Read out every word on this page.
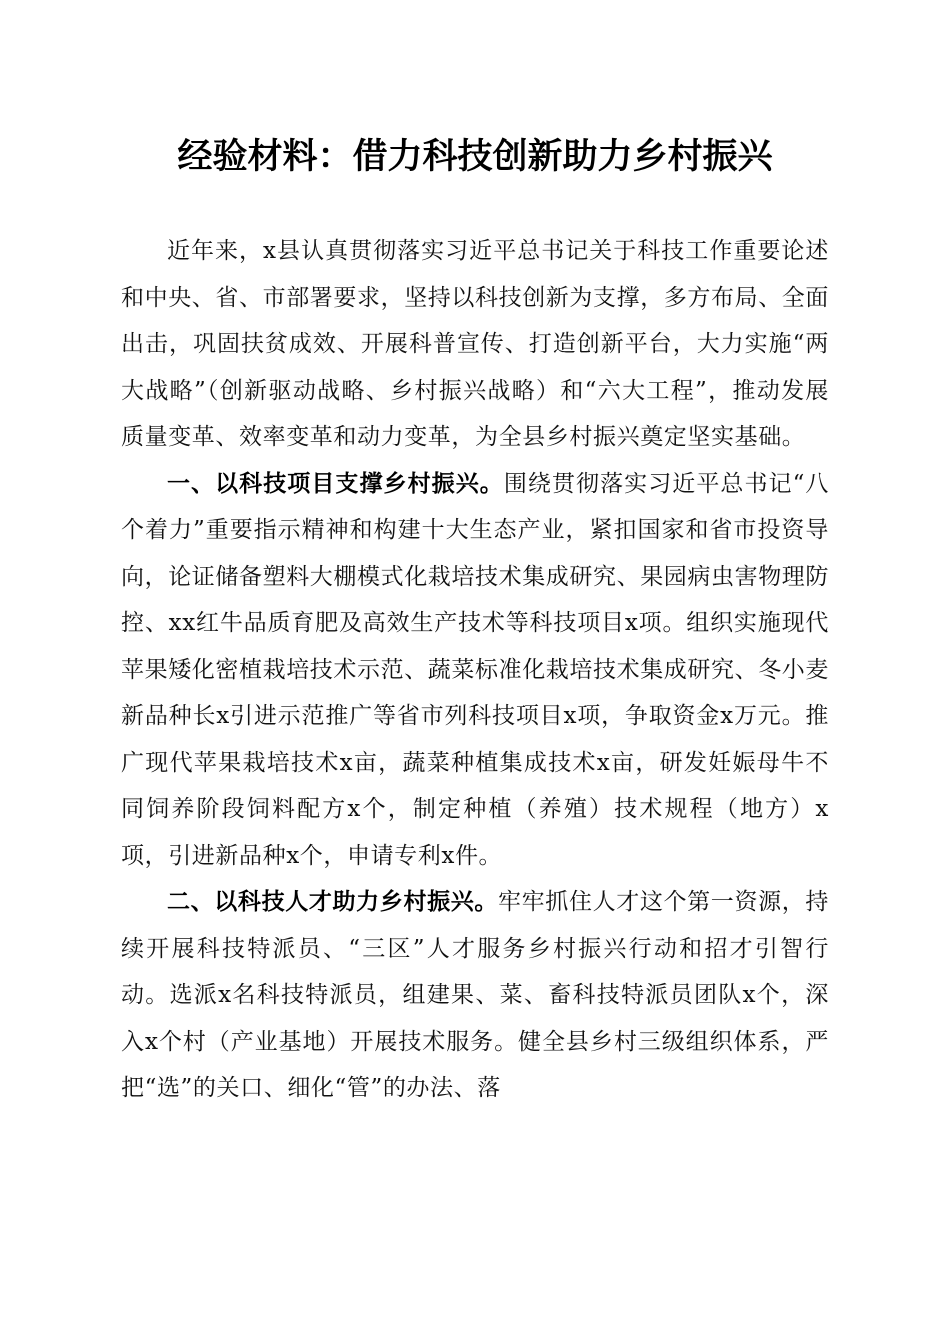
经验材料：借力科技创新助力乡村振兴

近年来，x县认真贯彻落实习近平总书记关于科技工作重要论述和中央、省、市部署要求，坚持以科技创新为支撑，多方布局、全面出击，巩固扶贫成效、开展科普宣传、打造创新平台，大力实施“两大战略”（创新驱动战略、乡村振兴战略）和“六大工程”，推动发展质量变革、效率变革和动力变革，为全县乡村振兴奠定坚实基础。

一、以科技项目支撑乡村振兴。围绕贯彻落实习近平总书记“八个着力”重要指示精神和构建十大生态产业，紧扣国家和省市投资导向，论证储备塑料大棚模式化栽培技术集成研究、果园病虫害物理防控、xx红牛品质育肥及高效生产技术等科技项目x项。组织实施现代苹果矮化密植栽培技术示范、蔬菜标准化栽培技术集成研究、冬小麦新品种长x引进示范推广等省市列科技项目x项，争取资金x万元。推广现代苹果栽培技术x亩，蔬菜种植集成技术x亩，研发妊娠母牛不同饲养阶段饲料配方x个，制定种植（养殖）技术规程（地方）x项，引进新品种x个，申请专利x件。

二、以科技人才助力乡村振兴。牢牢抓住人才这个第一资源，持续开展科技特派员、“三区”人才服务乡村振兴行动和招才引智行动。选派x名科技特派员，组建果、菜、畜科技特派员团队x个，深入x个村（产业基地）开展技术服务。健全县乡村三级组织体系，严把“选”的关口、细化“管”的办法、落
